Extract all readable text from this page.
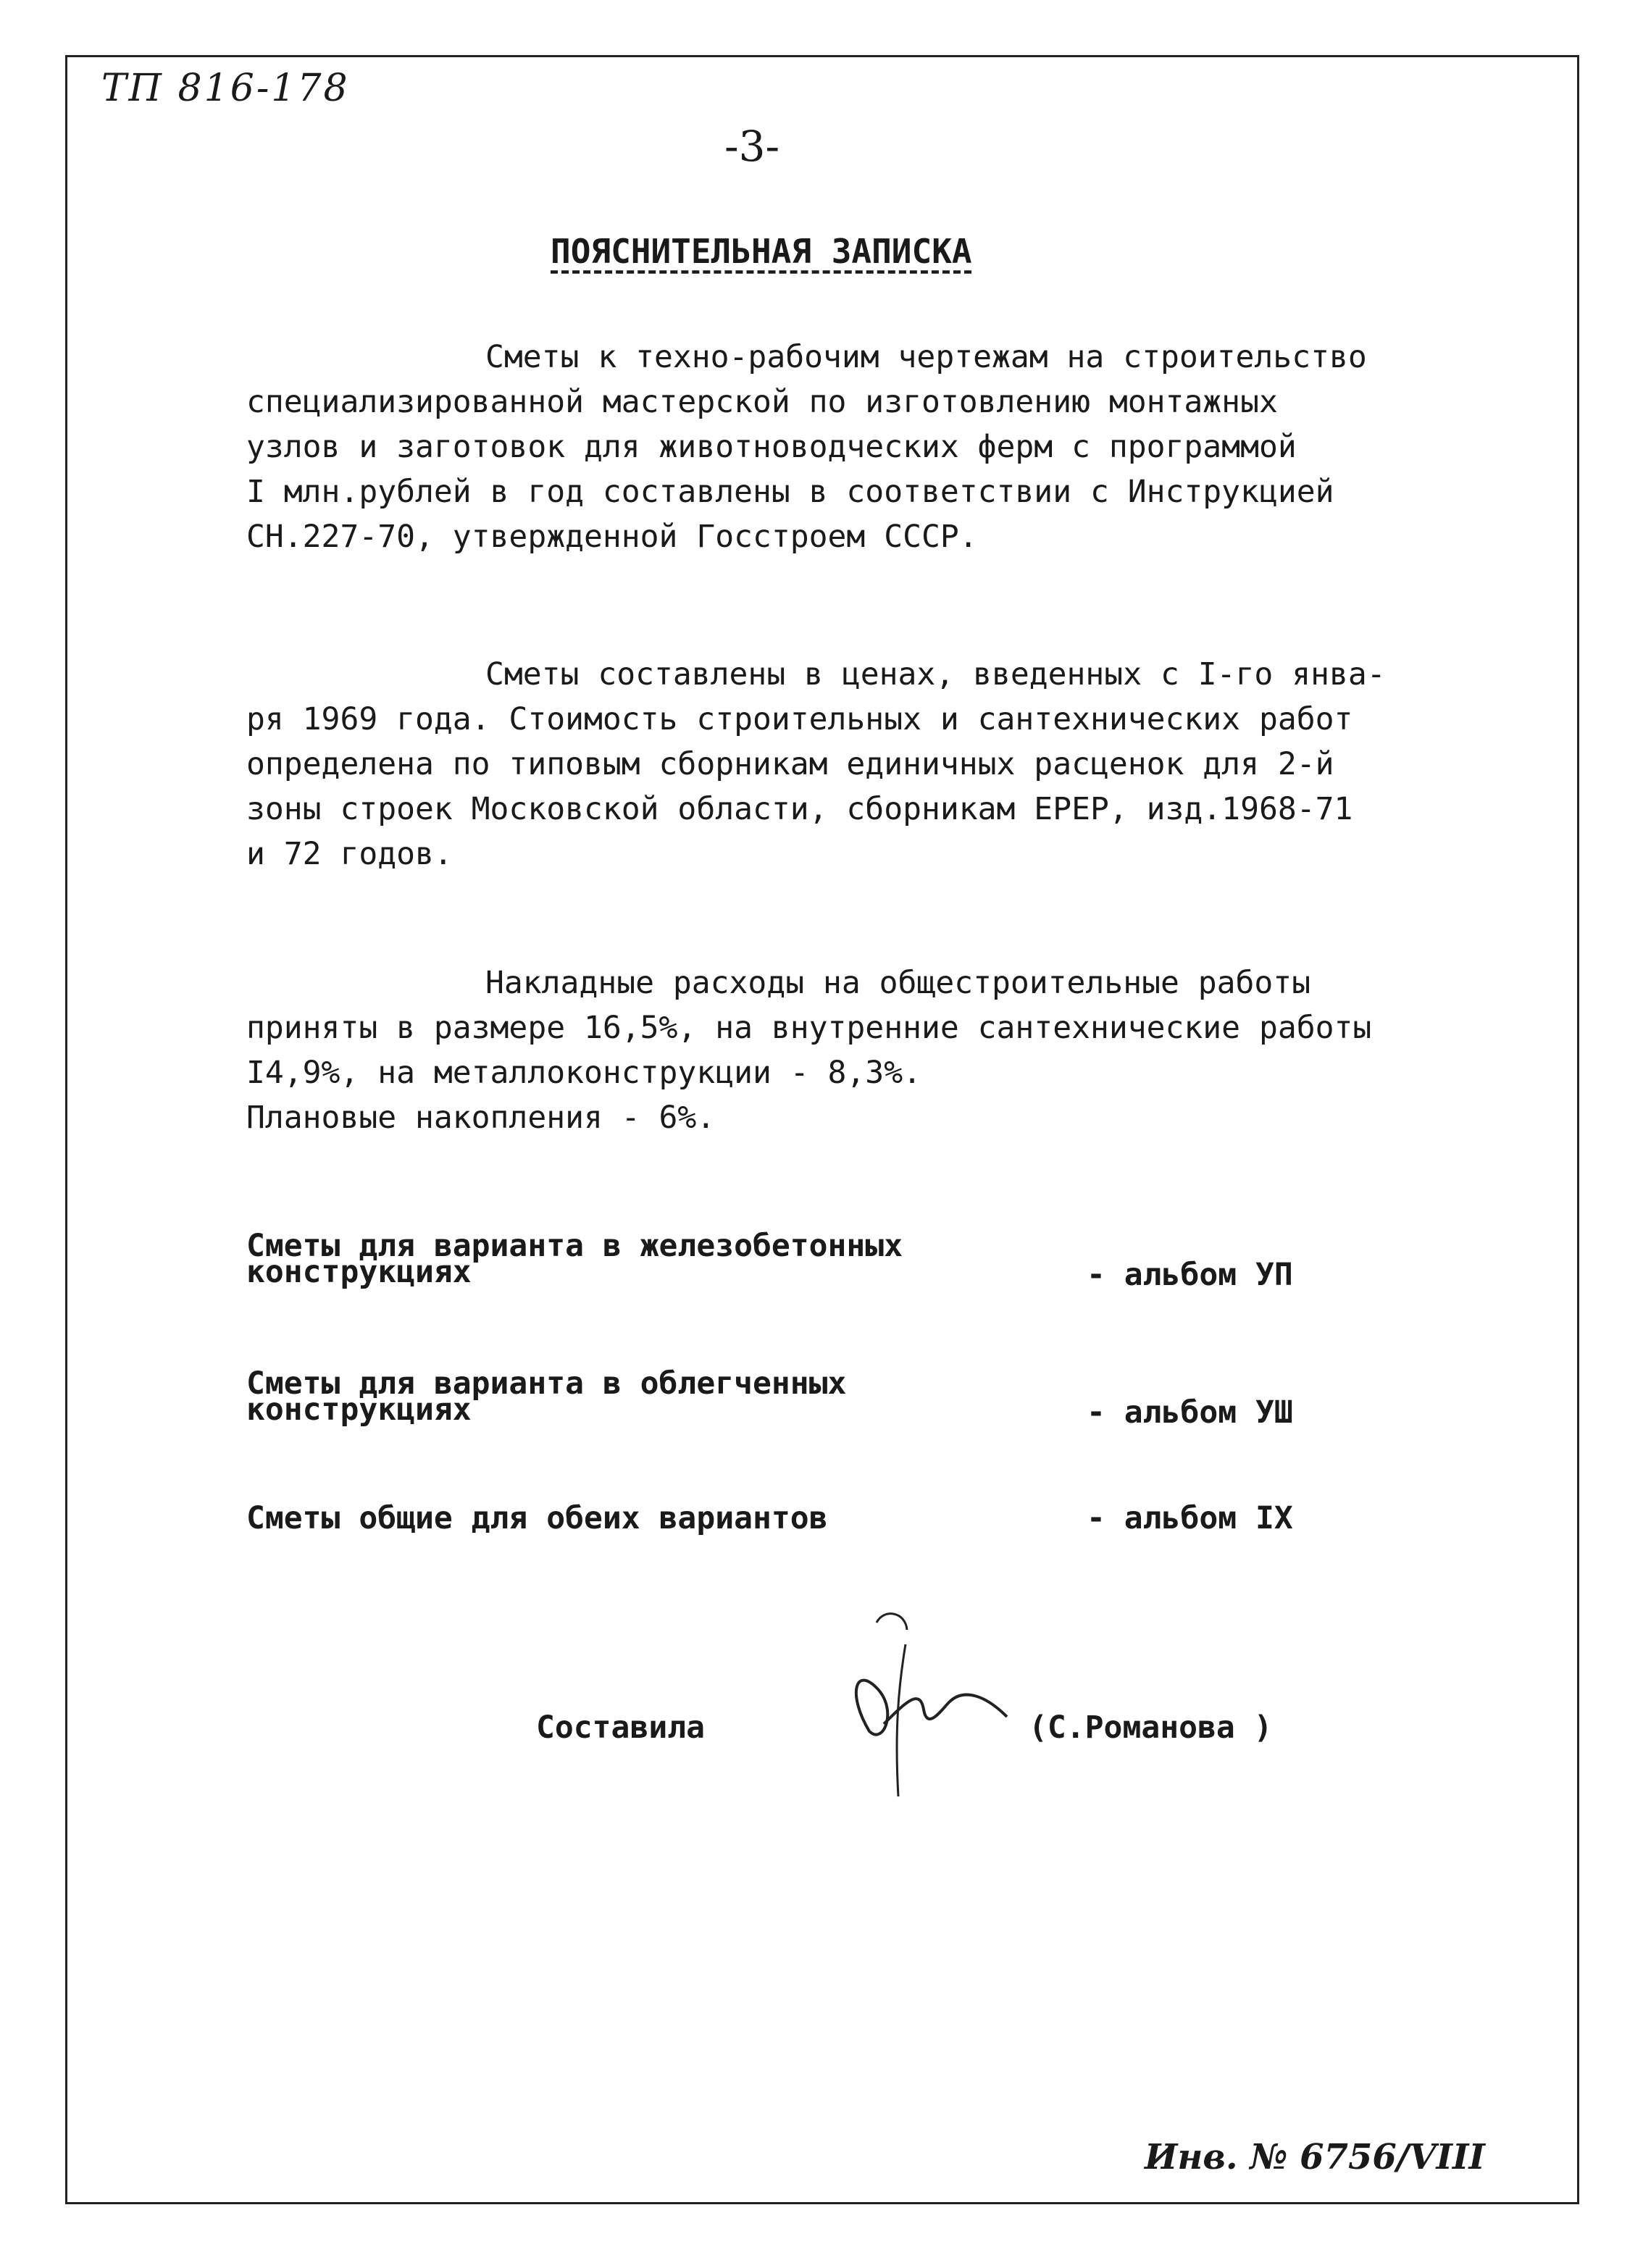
ТП 816-178
-3-
ПОЯСНИТЕЛЬНАЯ ЗАПИСКА
Сметы к техно-рабочим чертежам на строительство
специализированной мастерской по изготовлению монтажных
узлов и заготовок для животноводческих ферм с программой
I млн.рублей в год составлены в соответствии с Инструкцией
СН.227-70, утвержденной Госстроем СССР.
Сметы составлены в ценах, введенных с I-го янва-
ря 1969 года. Стоимость строительных и сантехнических работ
определена по типовым сборникам единичных расценок для 2-й
зоны строек Московской области, сборникам ЕРЕР, изд.1968-71
и 72 годов.
Накладные расходы на общестроительные работы
приняты в размере 16,5%, на внутренние сантехнические работы
I4,9%, на металлоконструкции - 8,3%.
Плановые накопления - 6%.
Сметы для варианта в железобетонных
конструкциях	- альбом УП
Сметы для варианта в облегченных
конструкциях	- альбом УШ
Сметы общие для обеих вариантов	- альбом IX
Составила	(С.Романова )
Инв. № 6756/VIII
